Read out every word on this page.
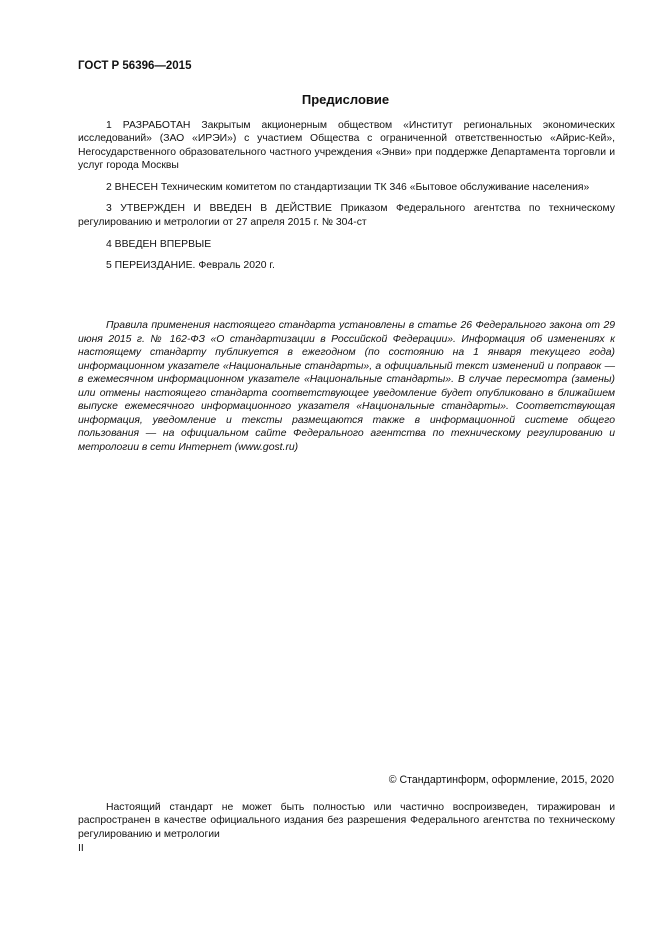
ГОСТ Р 56396—2015

Предисловие

1 РАЗРАБОТАН Закрытым акционерным обществом «Институт региональных экономических исследований» (ЗАО «ИРЭИ») с участием Общества с ограниченной ответственностью «Айрис-Кей», Негосударственного образовательного частного учреждения «Энви» при поддержке Департамента торговли и услуг города Москвы

2 ВНЕСЕН Техническим комитетом по стандартизации ТК 346 «Бытовое обслуживание населения»

3 УТВЕРЖДЕН И ВВЕДЕН В ДЕЙСТВИЕ Приказом Федерального агентства по техническому регулированию и метрологии от 27 апреля 2015 г. № 304-ст

4 ВВЕДЕН ВПЕРВЫЕ

5 ПЕРЕИЗДАНИЕ. Февраль 2020 г.

Правила применения настоящего стандарта установлены в статье 26 Федерального закона от 29 июня 2015 г. № 162-ФЗ «О стандартизации в Российской Федерации». Информация об изменениях к настоящему стандарту публикуется в ежегодном (по состоянию на 1 января текущего года) информационном указателе «Национальные стандарты», а официальный текст изменений и поправок — в ежемесячном информационном указателе «Национальные стандарты». В случае пересмотра (замены) или отмены настоящего стандарта соответствующее уведомление будет опубликовано в ближайшем выпуске ежемесячного информационного указателя «Национальные стандарты». Соответствующая информация, уведомление и тексты размещаются также в информационной системе общего пользования — на официальном сайте Федерального агентства по техническому регулированию и метрологии в сети Интернет (www.gost.ru)

© Стандартинформ, оформление, 2015, 2020

Настоящий стандарт не может быть полностью или частично воспроизведен, тиражирован и распространен в качестве официального издания без разрешения Федерального агентства по техническому регулированию и метрологии

II
